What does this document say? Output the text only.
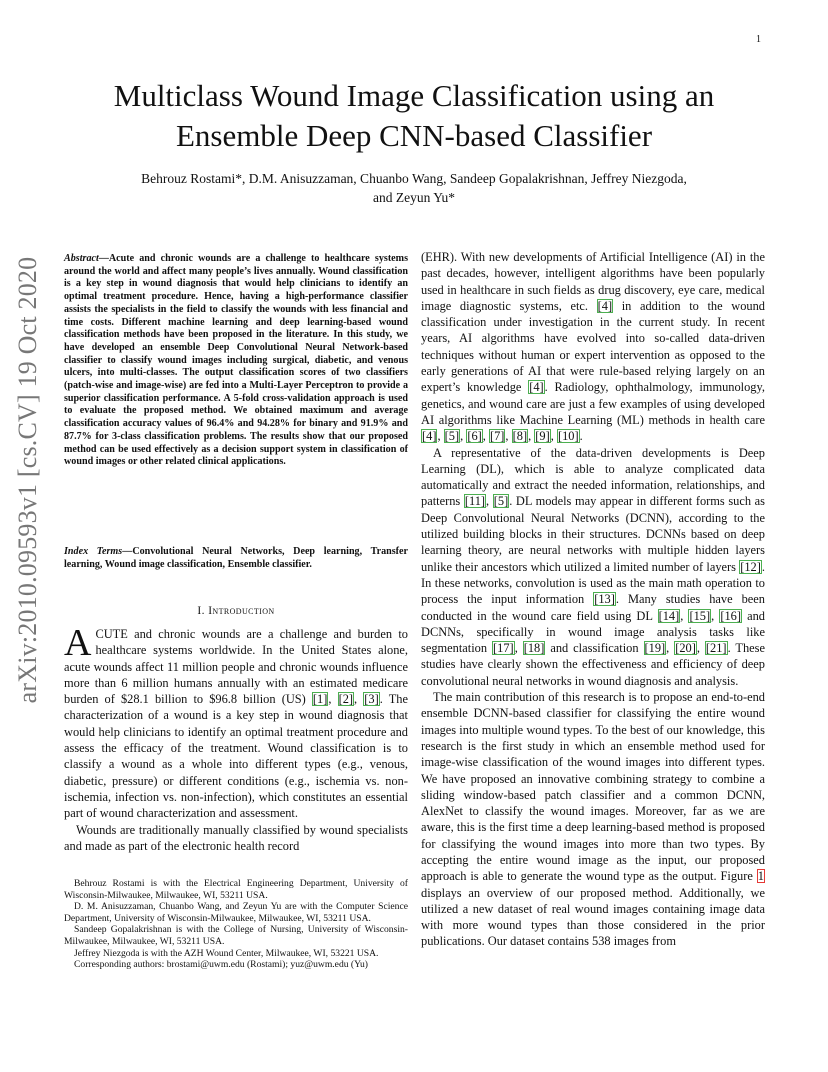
1
arXiv:2010.09593v1 [cs.CV] 19 Oct 2020
Multiclass Wound Image Classification using an Ensemble Deep CNN-based Classifier
Behrouz Rostami*, D.M. Anisuzzaman, Chuanbo Wang, Sandeep Gopalakrishnan, Jeffrey Niezgoda,
and Zeyun Yu*
Abstract—Acute and chronic wounds are a challenge to healthcare systems around the world and affect many people’s lives annually. Wound classification is a key step in wound diagnosis that would help clinicians to identify an optimal treatment procedure. Hence, having a high-performance classifier assists the specialists in the field to classify the wounds with less financial and time costs. Different machine learning and deep learning-based wound classification methods have been proposed in the literature. In this study, we have developed an ensemble Deep Convolutional Neural Network-based classifier to classify wound images including surgical, diabetic, and venous ulcers, into multi-classes. The output classification scores of two classifiers (patch-wise and image-wise) are fed into a Multi-Layer Perceptron to provide a superior classification performance. A 5-fold cross-validation approach is used to evaluate the proposed method. We obtained maximum and average classification accuracy values of 96.4% and 94.28% for binary and 91.9% and 87.7% for 3-class classification problems. The results show that our proposed method can be used effectively as a decision support system in classification of wound images or other related clinical applications.
Index Terms—Convolutional Neural Networks, Deep learning, Transfer learning, Wound image classification, Ensemble classifier.
I. Introduction

ACUTE and chronic wounds are a challenge and burden to healthcare systems worldwide. In the United States alone, acute wounds affect 11 million people and chronic wounds influence more than 6 million humans annually with an estimated medicare burden of $28.1 billion to $96.8 billion (US) [1], [2], [3]. The characterization of a wound is a key step in wound diagnosis that would help clinicians to identify an optimal treatment procedure and assess the efficacy of the treatment. Wound classification is to classify a wound as a whole into different types (e.g., venous, diabetic, pressure) or different conditions (e.g., ischemia vs. non-ischemia, infection vs. non-infection), which constitutes an essential part of wound characterization and assessment.

Wounds are traditionally manually classified by wound specialists and made as part of the electronic health record

Behrouz Rostami is with the Electrical Engineering Department, University of Wisconsin-Milwaukee, Milwaukee, WI, 53211 USA.

D. M. Anisuzzaman, Chuanbo Wang, and Zeyun Yu are with the Computer Science Department, University of Wisconsin-Milwaukee, Milwaukee, WI, 53211 USA.

Sandeep Gopalakrishnan is with the College of Nursing, University of Wisconsin-Milwaukee, Milwaukee, WI, 53211 USA.

Jeffrey Niezgoda is with the AZH Wound Center, Milwaukee, WI, 53221 USA.

Corresponding authors: brostami@uwm.edu (Rostami); yuz@uwm.edu (Yu)

(EHR). With new developments of Artificial Intelligence (AI) in the past decades, however, intelligent algorithms have been popularly used in healthcare in such fields as drug discovery, eye care, medical image diagnostic systems, etc. [4] in addition to the wound classification under investigation in the current study. In recent years, AI algorithms have evolved into so-called data-driven techniques without human or expert intervention as opposed to the early generations of AI that were rule-based relying largely on an expert’s knowledge [4]. Radiology, ophthalmology, immunology, genetics, and wound care are just a few examples of using developed AI algorithms like Machine Learning (ML) methods in health care [4], [5], [6], [7], [8], [9], [10].

A representative of the data-driven developments is Deep Learning (DL), which is able to analyze complicated data automatically and extract the needed information, relationships, and patterns [11], [5]. DL models may appear in different forms such as Deep Convolutional Neural Networks (DCNN), according to the utilized building blocks in their structures. DCNNs based on deep learning theory, are neural networks with multiple hidden layers unlike their ancestors which utilized a limited number of layers [12]. In these networks, convolution is used as the main math operation to process the input information [13]. Many studies have been conducted in the wound care field using DL [14], [15], [16] and DCNNs, specifically in wound image analysis tasks like segmentation [17], [18] and classification [19], [20], [21]. These studies have clearly shown the effectiveness and efficiency of deep convolutional neural networks in wound diagnosis and analysis.

The main contribution of this research is to propose an end-to-end ensemble DCNN-based classifier for classifying the entire wound images into multiple wound types. To the best of our knowledge, this research is the first study in which an ensemble method used for image-wise classification of the wound images into different types. We have proposed an innovative combining strategy to combine a sliding window-based patch classifier and a common DCNN, AlexNet to classify the wound images. Moreover, far as we are aware, this is the first time a deep learning-based method is proposed for classifying the wound images into more than two types. By accepting the entire wound image as the input, our proposed approach is able to generate the wound type as the output. Figure 1 displays an overview of our proposed method. Additionally, we utilized a new dataset of real wound images containing image data with more wound types than those considered in the prior publications. Our dataset contains 538 images from
